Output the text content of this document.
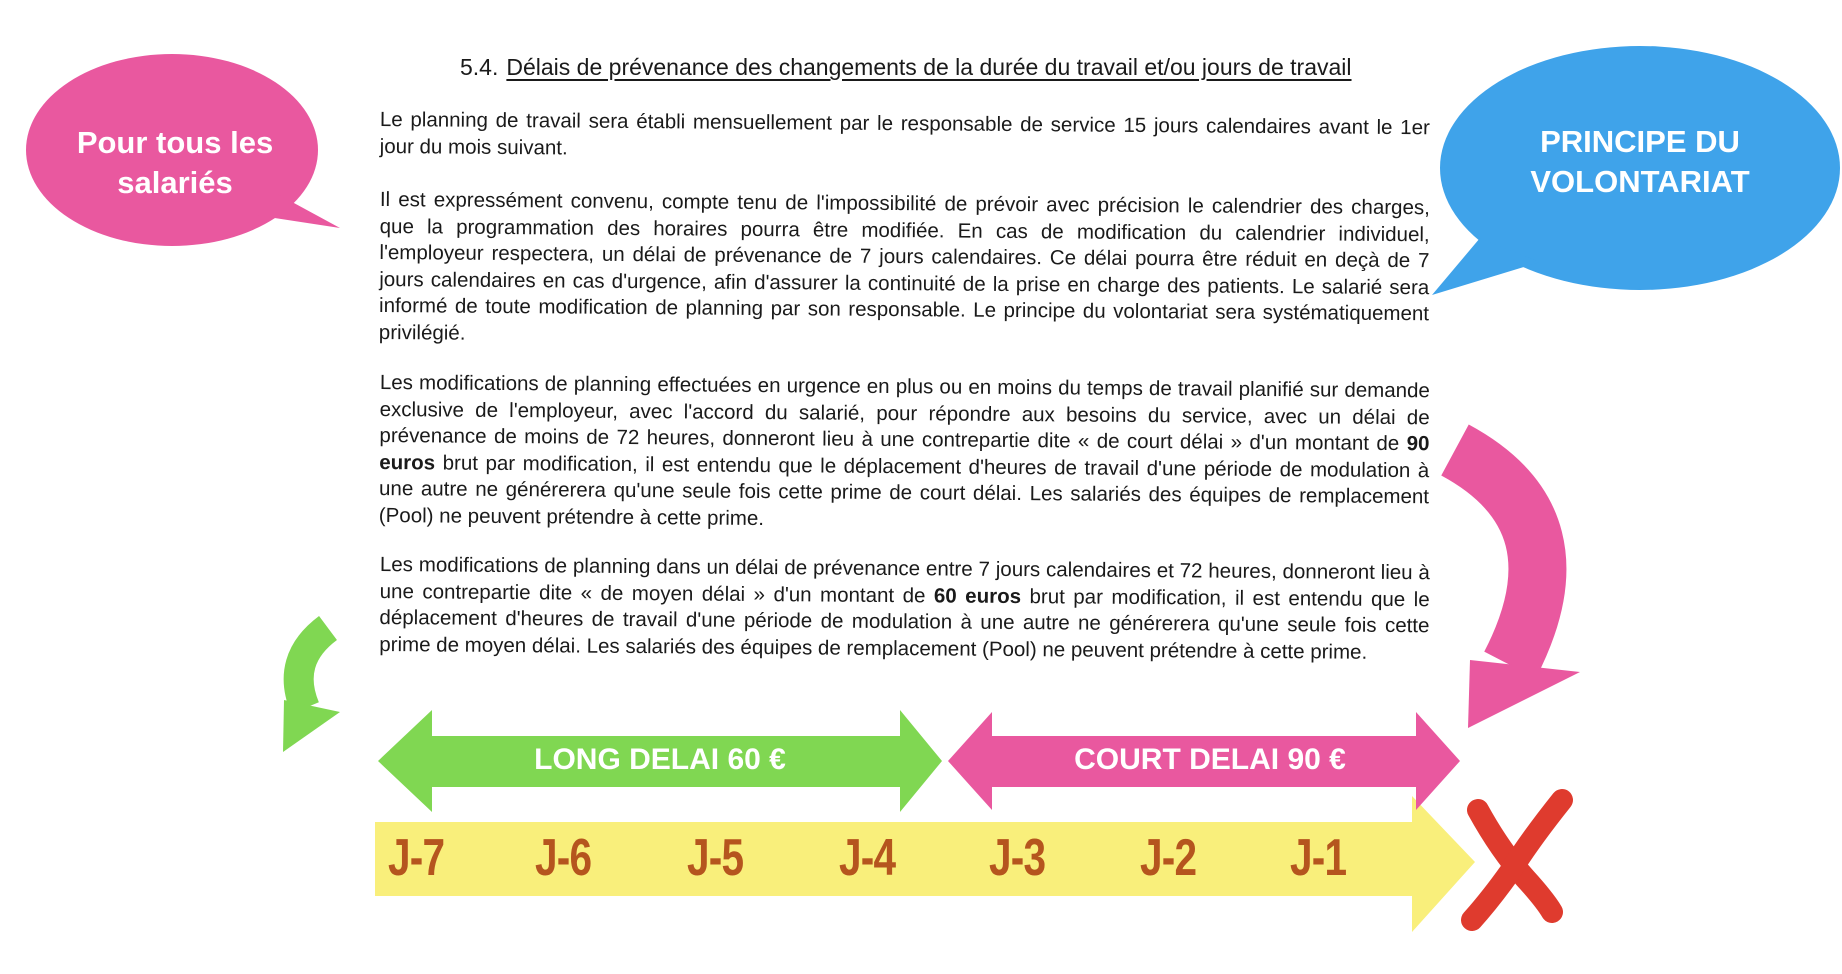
5.4. Délais de prévenance des changements de la durée du travail et/ou jours de travail
Le planning de travail sera établi mensuellement par le responsable de service 15 jours calendaires avant le 1er jour du mois suivant.
Il est expressément convenu, compte tenu de l'impossibilité de prévoir avec précision le calendrier des charges, que la programmation des horaires pourra être modifiée. En cas de modification du calendrier individuel, l'employeur respectera, un délai de prévenance de 7 jours calendaires. Ce délai pourra être réduit en deçà de 7 jours calendaires en cas d'urgence, afin d'assurer la continuité de la prise en charge des patients. Le salarié sera informé de toute modification de planning par son responsable. Le principe du volontariat sera systématiquement privilégié.
Les modifications de planning effectuées en urgence en plus ou en moins du temps de travail planifié sur demande exclusive de l'employeur, avec l'accord du salarié, pour répondre aux besoins du service, avec un délai de prévenance de moins de 72 heures, donneront lieu à une contrepartie dite « de court délai » d'un montant de 90 euros brut par modification, il est entendu que le déplacement d'heures de travail d'une période de modulation à une autre ne générerera qu'une seule fois cette prime de court délai. Les salariés des équipes de remplacement (Pool) ne peuvent prétendre à cette prime.
Les modifications de planning dans un délai de prévenance entre 7 jours calendaires et 72 heures, donneront lieu à une contrepartie dite « de moyen délai » d'un montant de 60 euros brut par modification, il est entendu que le déplacement d'heures de travail d'une période de modulation à une autre ne générerera qu'une seule fois cette prime de moyen délai. Les salariés des équipes de remplacement (Pool) ne peuvent prétendre à cette prime.
Pour tous les salariés
PRINCIPE DU VOLONTARIAT
LONG DELAI 60 €	COURT DELAI 90 €
J-7 J-6 J-5 J-4 J-3 J-2 J-1
